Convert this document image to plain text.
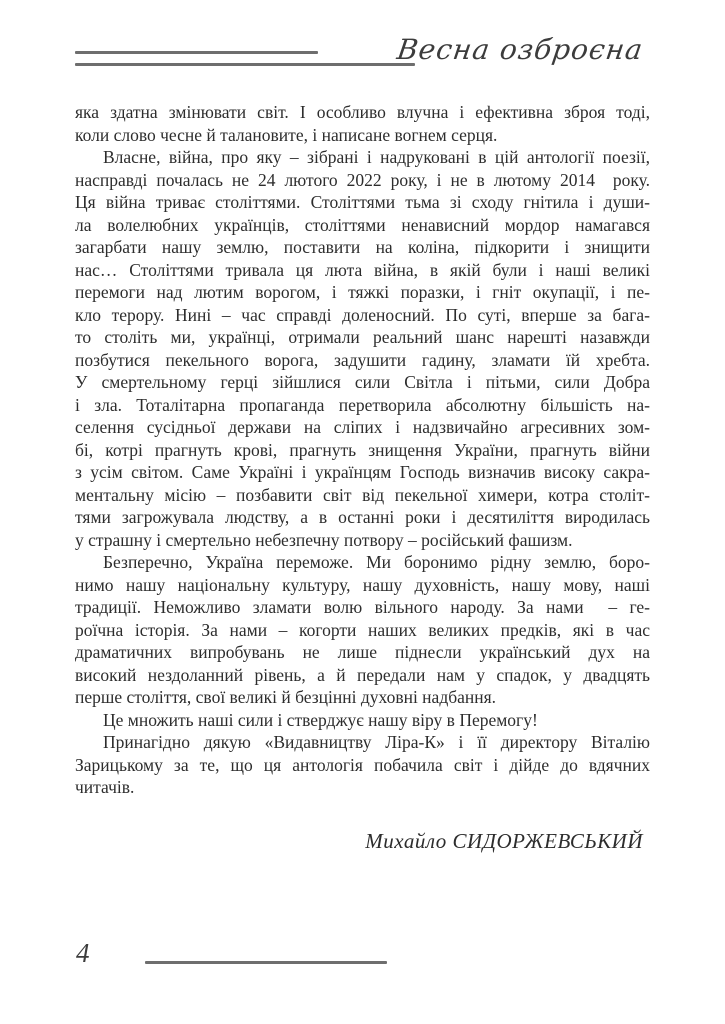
Весна озброєна
яка здатна змінювати світ. І особливо влучна і ефективна зброя тоді,
коли слово чесне й талановите, і написане вогнем серця.
Власне, війна, про яку – зібрані і надруковані в цій антології поезії,
насправді почалась не 24 лютого 2022 року, і не в лютому 2014  року.
Ця війна триває століттями. Століттями тьма зі сходу гнітила і души-
ла волелюбних українців, століттями ненависний мордор намагався
загарбати нашу землю, поставити на коліна, підкорити і знищити
нас… Століттями тривала ця люта війна, в якій були і наші великі
перемоги над лютим ворогом, і тяжкі поразки, і гніт окупації, і пе-
кло терору. Нині – час справді доленосний. По суті, вперше за бага-
то століть ми, українці, отримали реальний шанс нарешті назавжди
позбутися пекельного ворога, задушити гадину, зламати їй хребта.
У смертельному герці зійшлися сили Світла і пітьми, сили Добра
і зла. Тоталітарна пропаганда перетворила абсолютну більшість на-
селення сусідньої держави на сліпих і надзвичайно агресивних зом-
бі, котрі прагнуть крові, прагнуть знищення України, прагнуть війни
з усім світом. Саме Україні і українцям Господь визначив високу сакра-
ментальну місію – позбавити світ від пекельної химери, котра століт-
тями загрожувала людству, а в останні роки і десятиліття виродилась
у страшну і смертельно небезпечну потвору – російський фашизм.
Безперечно, Україна переможе. Ми боронимо рідну землю, боро-
нимо нашу національну культуру, нашу духовність, нашу мову, наші
традиції. Неможливо зламати волю вільного народу. За нами  – ге-
роїчна історія. За нами – когорти наших великих предків, які в час
драматичних випробувань не лише піднесли український дух на
високий нездоланний рівень, а й передали нам у спадок, у двадцять
перше століття, свої великі й безцінні духовні надбання.
Це множить наші сили і стверджує нашу віру в Перемогу!
Принагідно дякую «Видавництву Ліра-К» і її директору Віталію
Зарицькому за те, що ця антологія побачила світ і дійде до вдячних
читачів.
Михайло СИДОРЖЕВСЬКИЙ
4
